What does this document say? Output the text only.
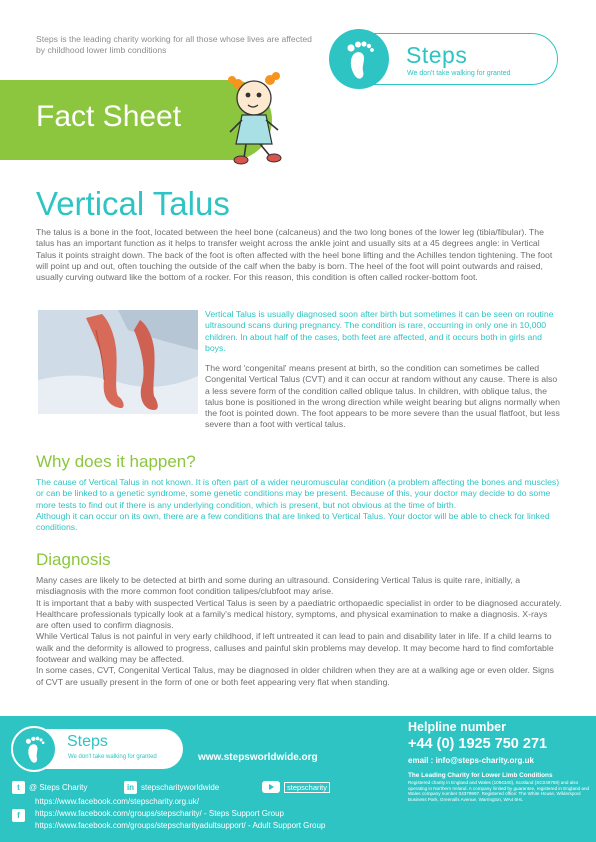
Steps is the leading charity working for all those whose lives are affected by childhood lower limb conditions	Steps
We don't take walking for granted
Fact Sheet
Vertical Talus
The talus is a bone in the foot, located between the heel bone (calcaneus) and the two long bones of the lower leg (tibia/fibular). The talus has an important function as it helps to transfer weight across the ankle joint and usually sits at a 45 degrees angle: in Vertical Talus it points straight down. The back of the foot is often affected with the heel bone lifting and the Achilles tendon tightening. The foot will point up and out, often touching the outside of the calf when the baby is born. The heel of the foot will point outwards and raised, usually curving outward like the bottom of a rocker. For this reason, this condition is often called rocker-bottom foot.
Vertical Talus is usually diagnosed soon after birth but sometimes it can be seen on routine ultrasound scans during pregnancy. The condition is rare, occurring in only one in 10,000 children. In about half of the cases, both feet are affected, and it occurs both in girls and boys.
The word 'congenital' means present at birth, so the condition can sometimes be called Congenital Vertical Talus (CVT) and it can occur at random without any cause. There is also a less severe form of the condition called oblique talus. In children, with oblique talus, the talus bone is positioned in the wrong direction while weight bearing but aligns normally when the foot is pointed down. The foot appears to be more severe than the usual flatfoot, but less severe than a foot with vertical talus.
Why does it happen?

The cause of Vertical Talus in not known. It is often part of a wider neuromuscular condition (a problem affecting the bones and muscles) or can be linked to a genetic syndrome, some genetic conditions may be present. Because of this, your doctor may decide to do some more tests to find out if there is any underlying condition, which is present, but not obvious at the time of birth.

Although it can occur on its own, there are a few conditions that are linked to Vertical Talus. Your doctor will be able to check for linked conditions.

Diagnosis

Many cases are likely to be detected at birth and some during an ultrasound. Considering Vertical Talus is quite rare, initially, a misdiagnosis with the more common foot condition talipes/clubfoot may arise.

It is important that a baby with suspected Vertical Talus is seen by a paediatric orthopaedic specialist in order to be diagnosed accurately. Healthcare professionals typically look at a family's medical history, symptoms, and physical examination to make a diagnosis. X-rays are often used to confirm diagnosis.

While Vertical Talus is not painful in very early childhood, if left untreated it can lead to pain and disability later in life. If a child learns to walk and the deformity is allowed to progress, calluses and painful skin problems may develop. It may become hard to find comfortable footwear and walking may be affected.

In some cases, CVT, Congenital Vertical Talus, may be diagnosed in older children when they are at a walking age or even older. Signs of CVT are usually present in the form of one or both feet appearing very flat when standing.

Steps
We don't take walking for granted	www.stepsworldwide.org
Helpline number
+44 (0) 1925 750 271
email : info@steps-charity.org.uk
The Leading Charity for Lower Limb Conditions
Registered charity in England and Wales (1094340), Scotland (SC049759) and also operating in Northern Ireland. A company limited by guarantee, registered in England and Wales company number 04379997. Registered office: The White House, Wilderspool Business Park, Greenalls Avenue, Warrington, WA4 6HL
t	@ Steps Charity	in stepscharityworldwide	stepscharity
f
https://www.facebook.com/stepscharity.org.uk/
https://www.facebook.com/groups/stepscharity/ - Steps Support Group
https://www.facebook.com/groups/stepscharityadultsupport/ - Adult Support Group
